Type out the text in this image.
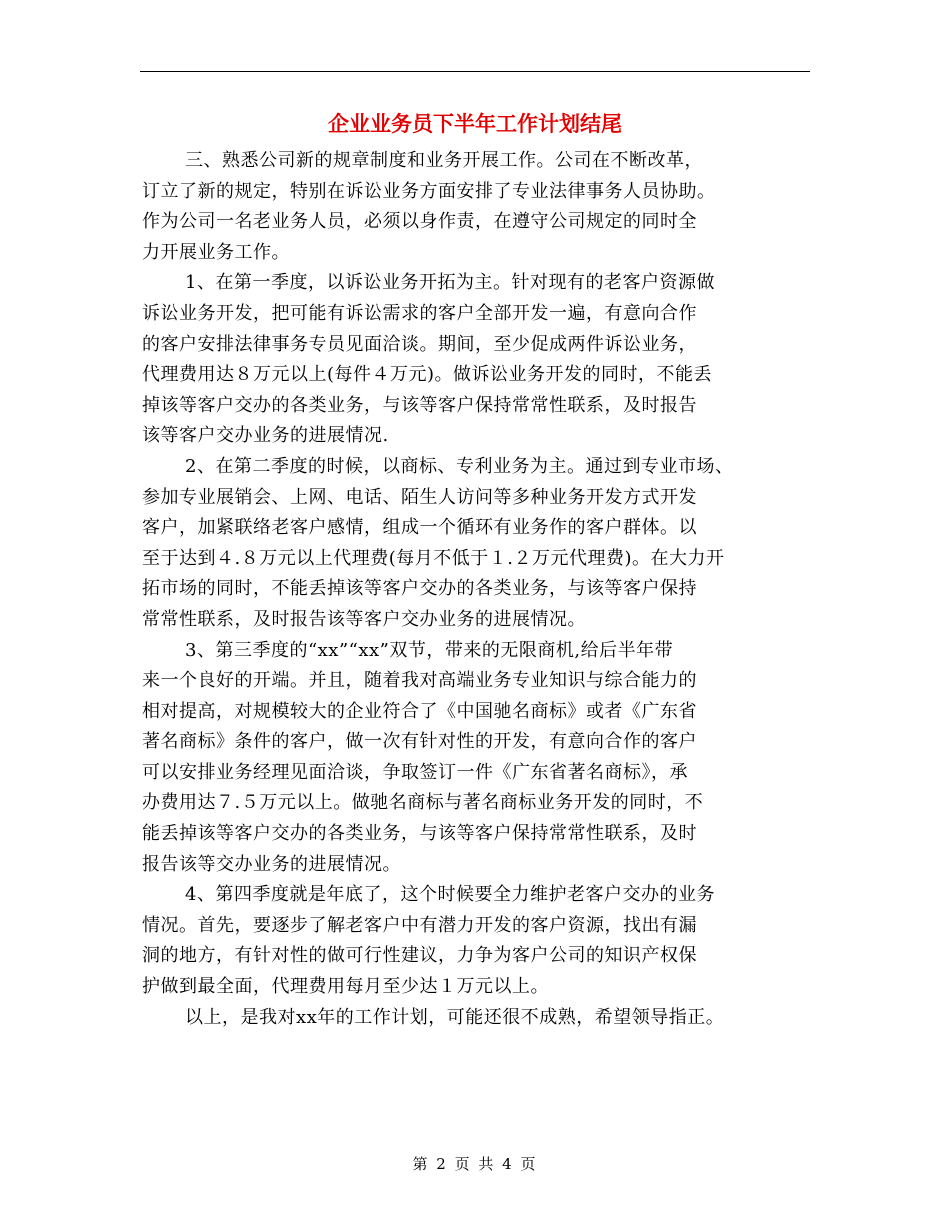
企业业务员下半年工作计划结尾
三、熟悉公司新的规章制度和业务开展工作。公司在不断改革，
订立了新的规定，特别在诉讼业务方面安排了专业法律事务人员协助。
作为公司一名老业务人员，必须以身作责，在遵守公司规定的同时全
力开展业务工作。
1、在第一季度，以诉讼业务开拓为主。针对现有的老客户资源做
诉讼业务开发，把可能有诉讼需求的客户全部开发一遍，有意向合作
的客户安排法律事务专员见面洽谈。期间，至少促成两件诉讼业务，
代理费用达８万元以上(每件４万元)。做诉讼业务开发的同时，不能丢
掉该等客户交办的各类业务，与该等客户保持常常性联系，及时报告
该等客户交办业务的进展情况.
2、在第二季度的时候，以商标、专利业务为主。通过到专业市场、
参加专业展销会、上网、电话、陌生人访问等多种业务开发方式开发
客户，加紧联络老客户感情，组成一个循环有业务作的客户群体。以
至于达到４.８万元以上代理费(每月不低于１.２万元代理费)。在大力开
拓市场的同时，不能丢掉该等客户交办的各类业务，与该等客户保持
常常性联系，及时报告该等客户交办业务的进展情况。
3、第三季度的“xx”“xx”双节，带来的无限商机,给后半年带
来一个良好的开端。并且，随着我对高端业务专业知识与综合能力的
相对提高，对规模较大的企业符合了《中国驰名商标》或者《广东省
著名商标》条件的客户，做一次有针对性的开发，有意向合作的客户
可以安排业务经理见面洽谈，争取签订一件《广东省著名商标》，承
办费用达７.５万元以上。做驰名商标与著名商标业务开发的同时，不
能丢掉该等客户交办的各类业务，与该等客户保持常常性联系，及时
报告该等交办业务的进展情况。
4、第四季度就是年底了，这个时候要全力维护老客户交办的业务
情况。首先，要逐步了解老客户中有潜力开发的客户资源，找出有漏
洞的地方，有针对性的做可行性建议，力争为客户公司的知识产权保
护做到最全面，代理费用每月至少达１万元以上。
以上，是我对xx年的工作计划，可能还很不成熟，希望领导指正。
第 2 页 共 4 页
